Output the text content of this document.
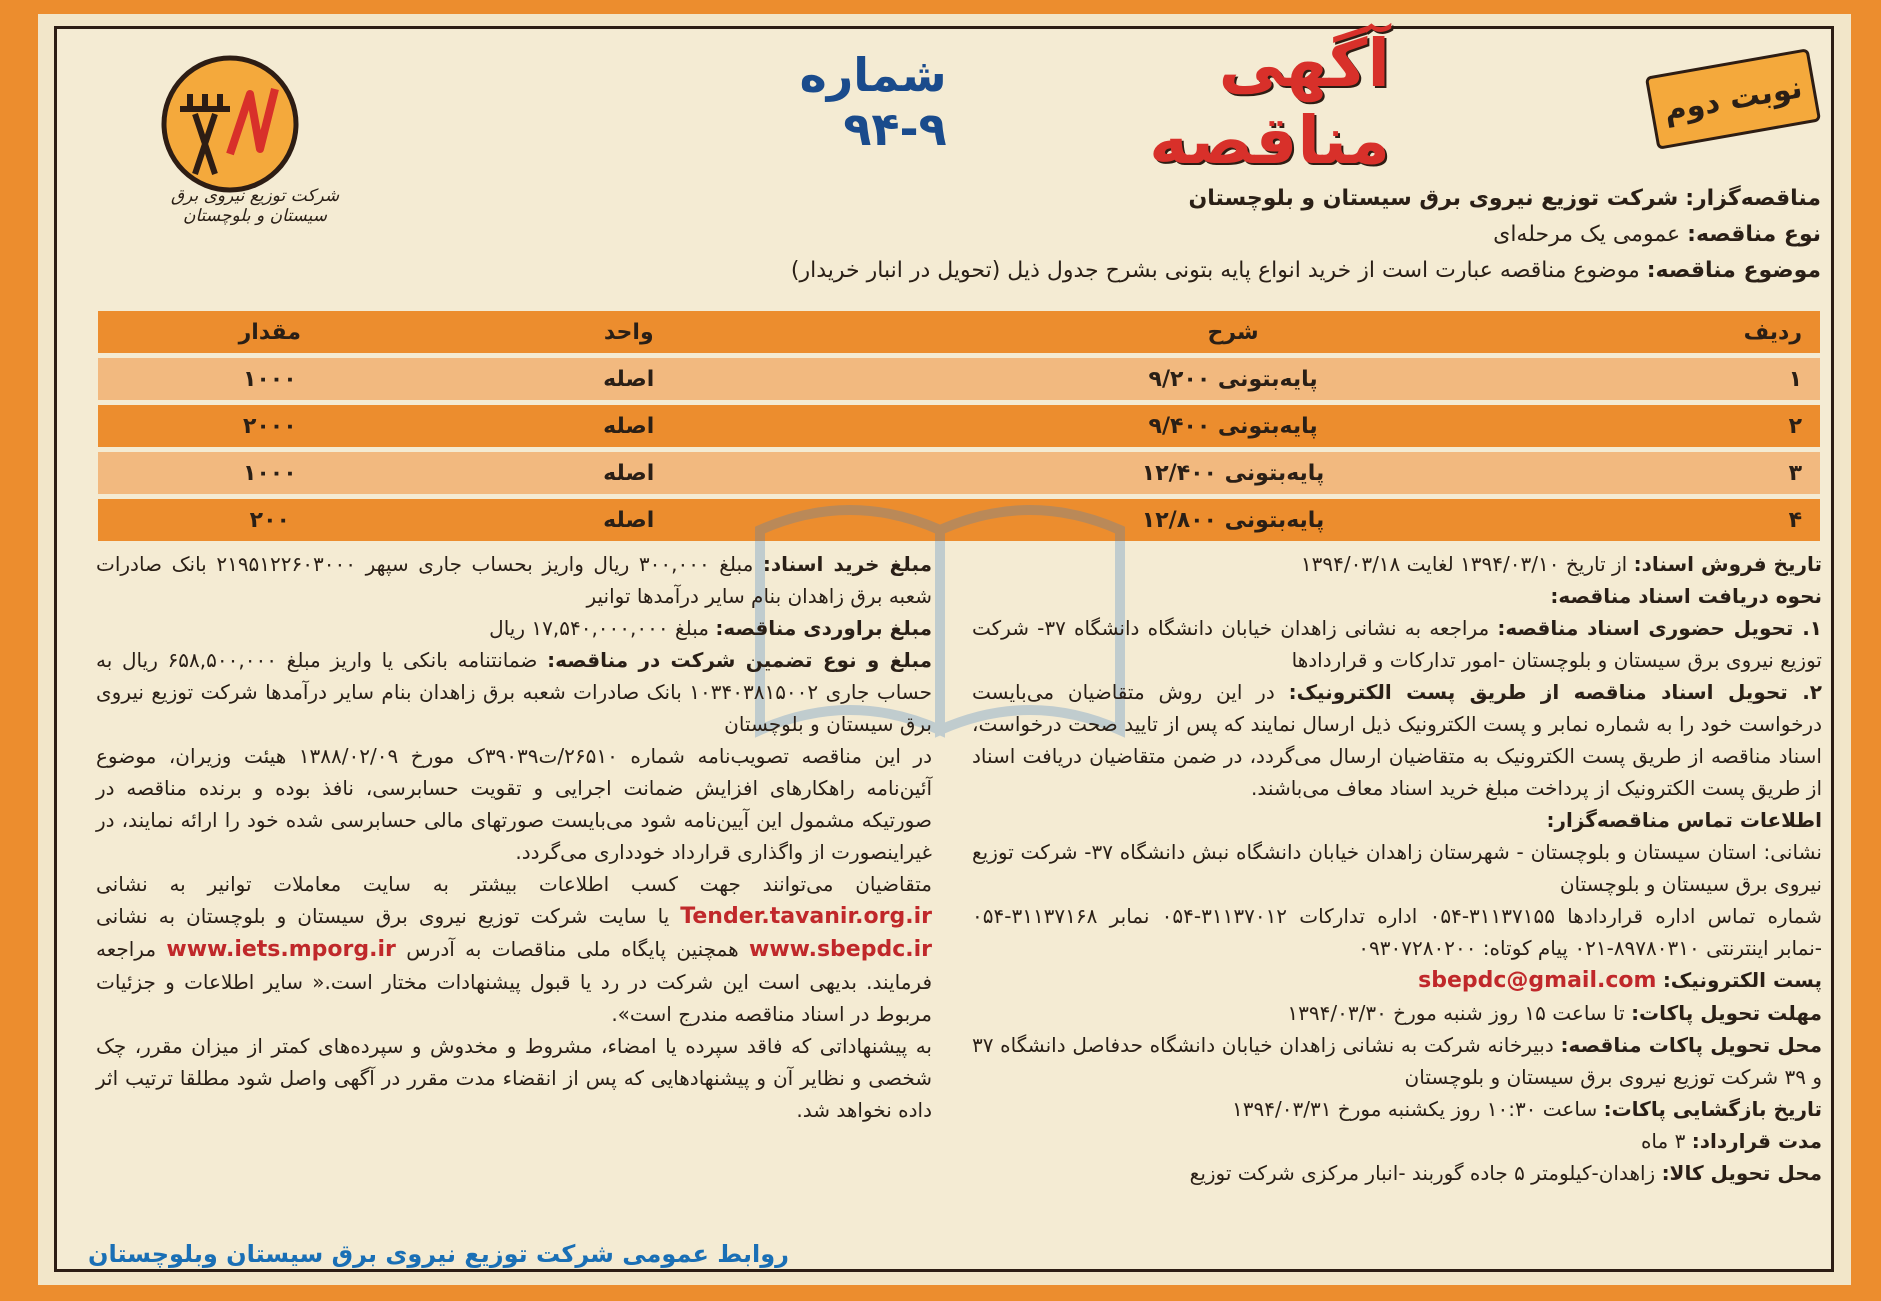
نوبت دوم
آگهی مناقصه
شماره ۹-۹۴
شرکت توزیع نیروی برق سیستان و بلوچستان
مناقصه‌گزار: شرکت توزیع نیروی برق سیستان و بلوچستان
نوع مناقصه: عمومی یک مرحله‌ای
موضوع مناقصه: موضوع مناقصه عبارت است از خرید انواع پایه بتونی بشرح جدول ذیل (تحویل در انبار خریدار)
ردیف	شرح	واحد	مقدار
۱	پایه‌بتونی ۹/۲۰۰	اصله	۱۰۰۰
۲	پایه‌بتونی ۹/۴۰۰	اصله	۲۰۰۰
۳	پایه‌بتونی ۱۲/۴۰۰	اصله	۱۰۰۰
۴	پایه‌بتونی ۱۲/۸۰۰	اصله	۲۰۰

تاریخ فروش اسناد: از تاریخ ۱۳۹۴/۰۳/۱۰ لغایت ۱۳۹۴/۰۳/۱۸

نحوه دریافت اسناد مناقصه:

۱. تحویل حضوری اسناد مناقصه: مراجعه به نشانی زاهدان خیابان دانشگاه دانشگاه ۳۷- شرکت توزیع نیروی برق سیستان و بلوچستان -امور تدارکات و قراردادها

۲. تحویل اسناد مناقصه از طریق پست الکترونیک: در این روش متقاضیان می‌بایست درخواست خود را به شماره نمابر و پست الکترونیک ذیل ارسال نمایند که پس از تایید صحت درخواست، اسناد مناقصه از طریق پست الکترونیک به متقاضیان ارسال می‌گردد، در ضمن متقاضیان دریافت اسناد از طریق پست الکترونیک از پرداخت مبلغ خرید اسناد معاف می‌باشند.

اطلاعات تماس مناقصه‌گزار:

نشانی: استان سیستان و بلوچستان - شهرستان زاهدان خیابان دانشگاه نبش دانشگاه ۳۷- شرکت توزیع نیروی برق سیستان و بلوچستان

شماره تماس اداره قراردادها ۳۱۱۳۷۱۵۵-۰۵۴ اداره تدارکات ۳۱۱۳۷۰۱۲-۰۵۴ نمابر ۳۱۱۳۷۱۶۸-۰۵۴ -نمابر اینترنتی ۸۹۷۸۰۳۱۰-۰۲۱ پیام کوتاه: ۰۹۳۰۷۲۸۰۲۰۰

پست الکترونیک: sbepdc@gmail.com

مهلت تحویل پاکات: تا ساعت ۱۵ روز شنبه مورخ ۱۳۹۴/۰۳/۳۰

محل تحویل پاکات مناقصه: دبیرخانه شرکت به نشانی زاهدان خیابان دانشگاه حدفاصل دانشگاه ۳۷ و ۳۹ شرکت توزیع نیروی برق سیستان و بلوچستان

تاریخ بازگشایی پاکات: ساعت ۱۰:۳۰ روز یکشنبه مورخ ۱۳۹۴/۰۳/۳۱

مدت قرارداد: ۳ ماه

محل تحویل کالا: زاهدان-کیلومتر ۵ جاده گوربند -انبار مرکزی شرکت توزیع

مبلغ خرید اسناد: مبلغ ۳۰۰,۰۰۰ ریال واریز بحساب جاری سپهر ۲۱۹۵۱۲۲۶۰۳۰۰۰ بانک صادرات شعبه برق زاهدان بنام سایر درآمدها توانیر

مبلغ براوردی مناقصه: مبلغ ۱۷,۵۴۰,۰۰۰,۰۰۰ ریال

مبلغ و نوع تضمین شرکت در مناقصه: ضمانتنامه بانکی یا واریز مبلغ ۶۵۸,۵۰۰,۰۰۰ ریال به حساب جاری ۱۰۳۴۰۳۸۱۵۰۰۲ بانک صادرات شعبه برق زاهدان بنام سایر درآمدها شرکت توزیع نیروی برق سیستان و بلوچستان

در این مناقصه تصویب‌نامه شماره ۲۶۵۱۰/ت۳۹۰۳۹ک مورخ ۱۳۸۸/۰۲/۰۹ هیئت وزیران، موضوع آئین‌نامه راهکارهای افزایش ضمانت اجرایی و تقویت حسابرسی، نافذ بوده و برنده مناقصه در صورتیکه مشمول این آیین‌نامه شود می‌بایست صورتهای مالی حسابرسی شده خود را ارائه نمایند، در غیراینصورت از واگذاری قرارداد خودداری می‌گردد.

متقاضیان می‌توانند جهت کسب اطلاعات بیشتر به سایت معاملات توانیر به نشانی Tender.tavanir.org.ir یا سایت شرکت توزیع نیروی برق سیستان و بلوچستان به نشانی www.sbepdc.ir همچنین پایگاه ملی مناقصات به آدرس www.iets.mporg.ir مراجعه فرمایند. بدیهی است این شرکت در رد یا قبول پیشنهادات مختار است.« سایر اطلاعات و جزئیات مربوط در اسناد مناقصه مندرج است».

به پیشنهاداتی که فاقد سپرده یا امضاء، مشروط و مخدوش و سپرده‌های کمتر از میزان مقرر، چک شخصی و نظایر آن و پیشنهادهایی که پس از انقضاء مدت مقرر در آگهی واصل شود مطلقا ترتیب اثر داده نخواهد شد.

روابط عمومی شرکت توزیع نیروی برق سیستان وبلوچستان
